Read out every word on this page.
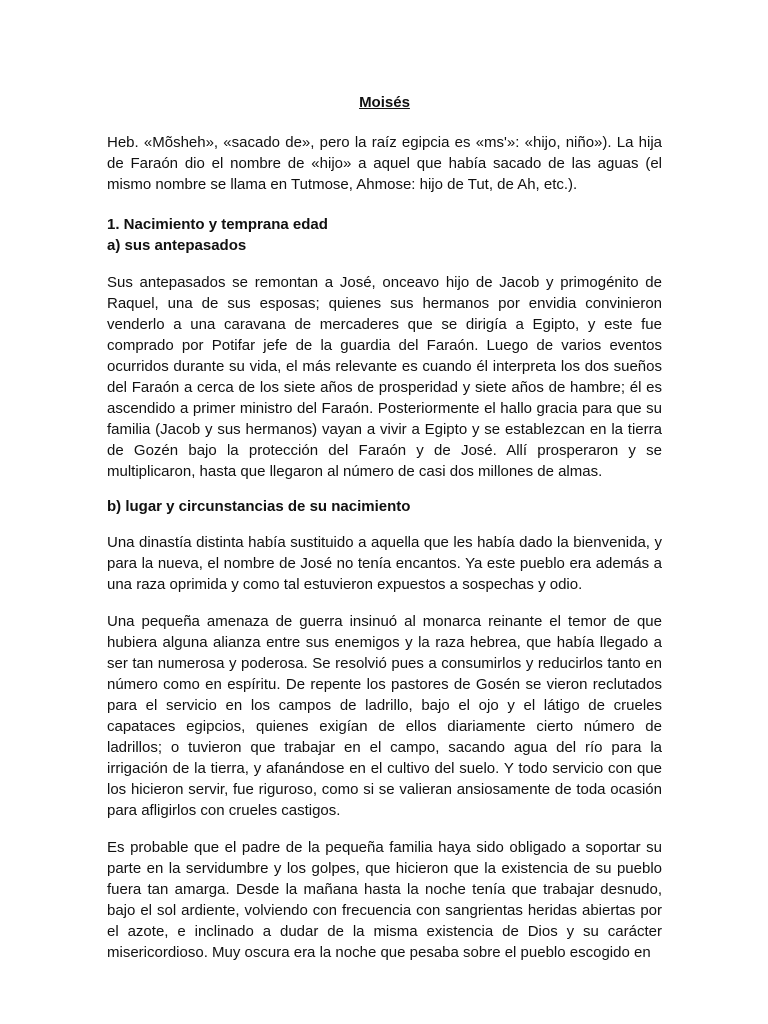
Moisés

Heb. «Mõsheh», «sacado de», pero la raíz egipcia es «ms'»: «hijo, niño»). La hija de Faraón dio el nombre de «hijo» a aquel que había sacado de las aguas (el mismo nombre se llama en Tutmose, Ahmose: hijo de Tut, de Ah, etc.).

1. Nacimiento y temprana edad
a) sus antepasados

Sus antepasados se remontan a José, onceavo hijo de Jacob y primogénito de Raquel, una de sus esposas; quienes sus hermanos por envidia convinieron venderlo a una caravana de mercaderes que se dirigía a Egipto, y este fue comprado por Potifar jefe de la guardia del Faraón. Luego de varios eventos ocurridos durante su vida, el más relevante es cuando él interpreta los dos sueños del Faraón a cerca de los siete años de prosperidad y siete años de hambre; él es ascendido a primer ministro del Faraón. Posteriormente el hallo gracia para que su familia (Jacob y sus hermanos) vayan a vivir a Egipto y se establezcan en la tierra de Gozén bajo la protección del Faraón y de José. Allí prosperaron y se multiplicaron, hasta que llegaron al número de casi dos millones de almas.

b) lugar y circunstancias de su nacimiento

Una dinastía distinta había sustituido a aquella que les había dado la bienvenida, y para la nueva, el nombre de José no tenía encantos. Ya este pueblo era además a una raza oprimida y como tal estuvieron expuestos a sospechas y odio.

Una pequeña amenaza de guerra insinuó al monarca reinante el temor de que hubiera alguna alianza entre sus enemigos y la raza hebrea, que había llegado a ser tan numerosa y poderosa. Se resolvió pues a consumirlos y reducirlos tanto en número como en espíritu. De repente los pastores de Gosén se vieron reclutados para el servicio en los campos de ladrillo, bajo el ojo y el látigo de crueles capataces egipcios, quienes exigían de ellos diariamente cierto número de ladrillos; o tuvieron que trabajar en el campo, sacando agua del río para la irrigación de la tierra, y afanándose en el cultivo del suelo. Y todo servicio con que los hicieron servir, fue riguroso, como si se valieran ansiosamente de toda ocasión para afligirlos con crueles castigos.

Es probable que el padre de la pequeña familia haya sido obligado a soportar su parte en la servidumbre y los golpes, que hicieron que la existencia de su pueblo fuera tan amarga. Desde la mañana hasta la noche tenía que trabajar desnudo, bajo el sol ardiente, volviendo con frecuencia con sangrientas heridas abiertas por el azote, e inclinado a dudar de la misma existencia de Dios y su carácter misericordioso. Muy oscura era la noche que pesaba sobre el pueblo escogido en
